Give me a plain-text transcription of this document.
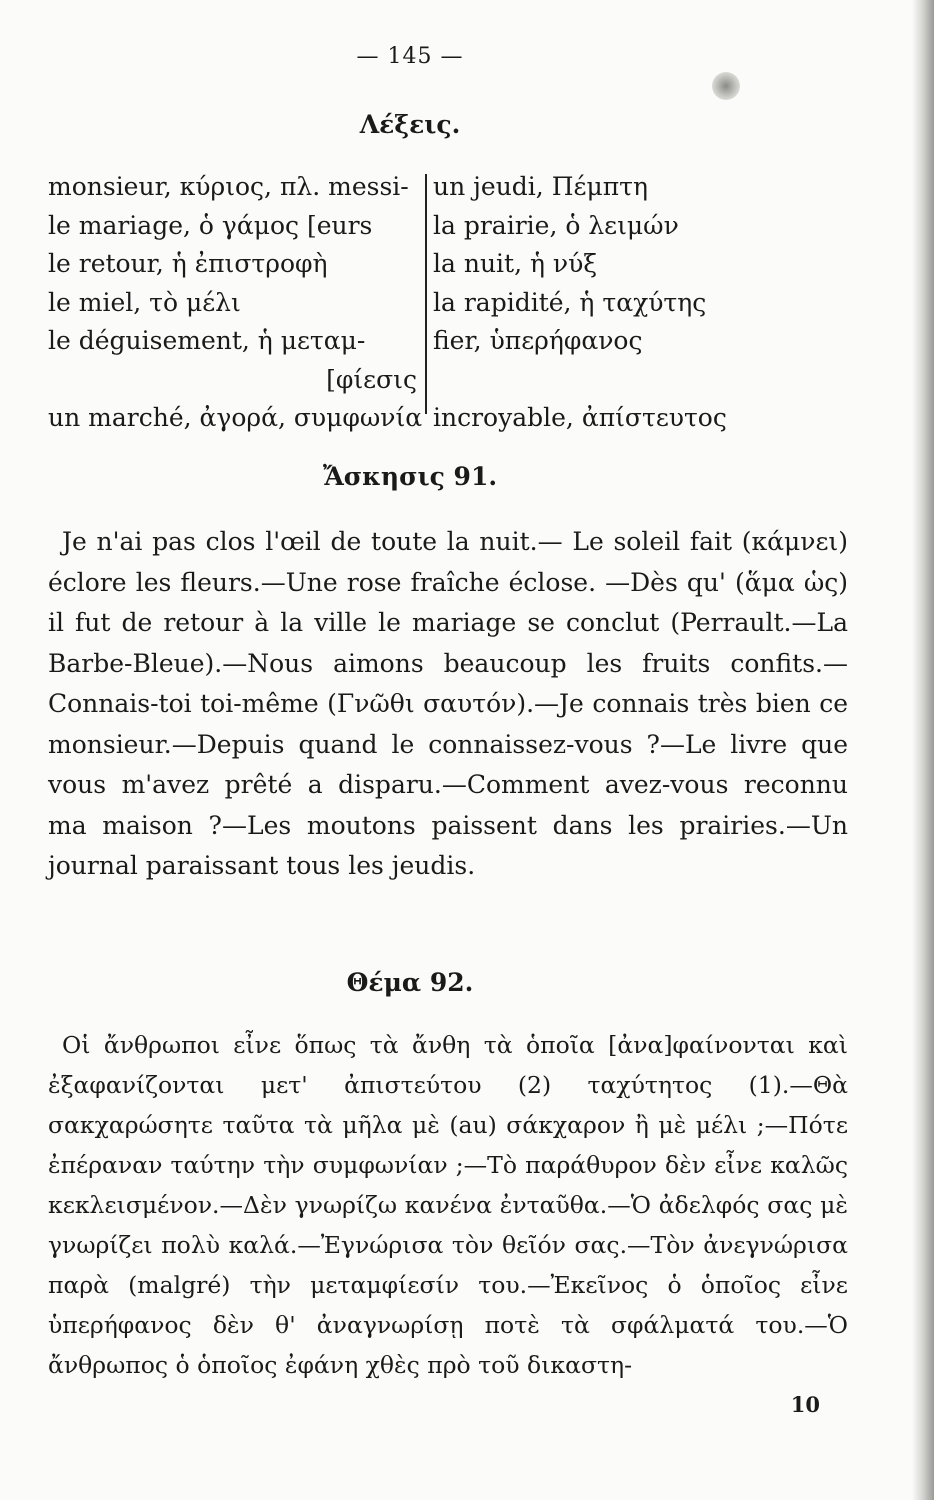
— 145 —
Λέξεις.
monsieur, κύριος, πλ. messi-
le mariage, ὁ γάμος [eurs
le retour, ἡ ἐπιστροφὴ
le miel, τὸ μέλι
le déguisement, ἡ μεταμ-
[φίεσις
un marché, ἀγορά, συμφωνία
un jeudi, Πέμπτη
la prairie, ὁ λειμών
la nuit, ἡ νύξ
la rapidité, ἡ ταχύτης
fier, ὑπερήφανος
incroyable, ἀπίστευτος
Ἄσκησις 91.
Je n'ai pas clos l'œil de toute la nuit.— Le soleil fait (κάμνει) éclore les fleurs.—Une rose fraîche éclose. —Dès qu' (ἅμα ὡς) il fut de retour à la ville le mariage se conclut (Perrault.—La Barbe-Bleue).—Nous aimons beaucoup les fruits confits.—Connais-toi toi-même (Γνῶθι σαυτόν).—Je connais très bien ce monsieur.—Depuis quand le connaissez-vous ?—Le livre que vous m'avez prêté a disparu.—Comment avez-vous reconnu ma maison ?—Les moutons paissent dans les prairies.—Un journal paraissant tous les jeudis.
Θέμα 92.
Οἱ ἄνθρωποι εἶνε ὅπως τὰ ἄνθη τὰ ὁποῖα [ἀνα]φαίνονται καὶ ἐξαφανίζονται μετ' ἀπιστεύτου (2) ταχύτητος (1).—Θὰ σακχαρώσητε ταῦτα τὰ μῆλα μὲ (au) σάκχαρον ἢ μὲ μέλι ;—Πότε ἐπέραναν ταύτην τὴν συμφωνίαν ;—Τὸ παράθυρον δὲν εἶνε καλῶς κεκλεισμένον.—Δὲν γνωρίζω κανένα ἐνταῦθα.—Ὁ ἀδελφός σας μὲ γνωρίζει πολὺ καλά.—Ἐγνώρισα τὸν θεῖόν σας.—Τὸν ἀνεγνώρισα παρὰ (malgré) τὴν μεταμφίεσίν του.—Ἐκεῖνος ὁ ὁποῖος εἶνε ὑπερήφανος δὲν θ' ἀναγνωρίσῃ ποτὲ τὰ σφάλματά του.—Ὁ ἄνθρωπος ὁ ὁποῖος ἐφάνη χθὲς πρὸ τοῦ δικαστη-
10
